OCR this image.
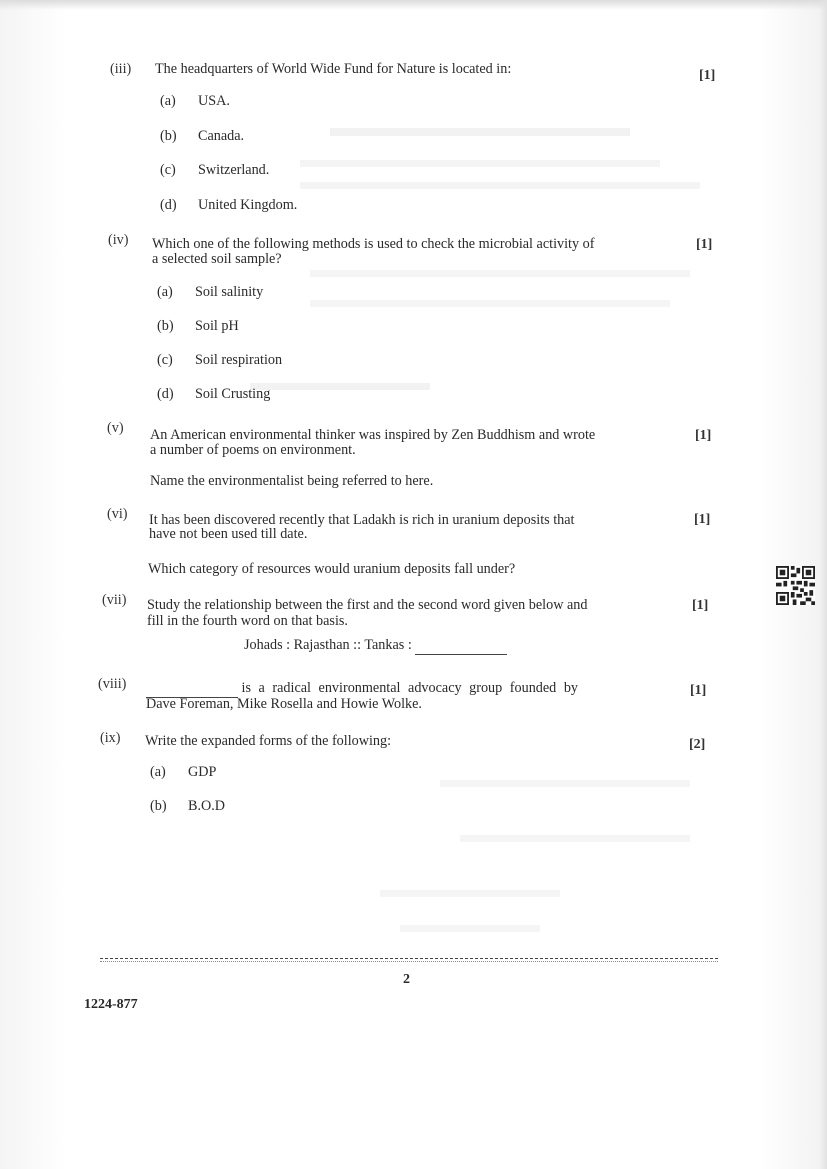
(iii) The headquarters of World Wide Fund for Nature is located in:	[1]
(a) USA.
(b) Canada.
(c) Switzerland.
(d) United Kingdom.
(iv) Which one of the following methods is used to check the microbial activity of
a selected soil sample?
[1]
(a) Soil salinity
(b) Soil pH
(c) Soil respiration
(d) Soil Crusting
(v) An American environmental thinker was inspired by Zen Buddhism and wrote
a number of poems on environment.
[1]
Name the environmentalist being referred to here.
(vi) It has been discovered recently that Ladakh is rich in uranium deposits that
have not been used till date.
[1]
Which category of resources would uranium deposits fall under?
(vii) Study the relationship between the first and the second word given below and
fill in the fourth word on that basis.
[1]
Johads : Rajasthan :: Tankas :
(viii)	is a radical environmental advocacy group founded by
Dave Foreman, Mike Rosella and Howie Wolke.
[1]
(ix) Write the expanded forms of the following:	[2]
(a) GDP
(b) B.O.D
2
1224-877
